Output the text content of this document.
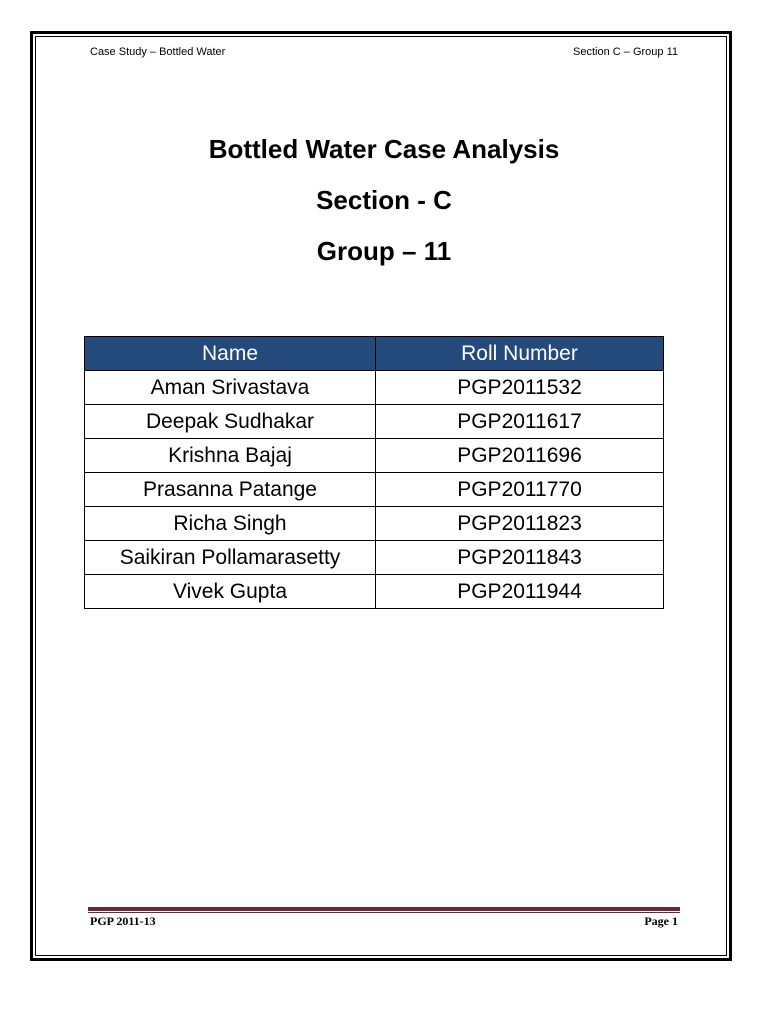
Case Study – Bottled Water	Section C – Group 11
Bottled Water Case Analysis
Section - C
Group – 11
Name	Roll Number
Aman Srivastava	PGP2011532
Deepak Sudhakar	PGP2011617
Krishna Bajaj	PGP2011696
Prasanna Patange	PGP2011770
Richa Singh	PGP2011823
Saikiran Pollamarasetty	PGP2011843
Vivek Gupta	PGP2011944
PGP 2011-13	Page 1
